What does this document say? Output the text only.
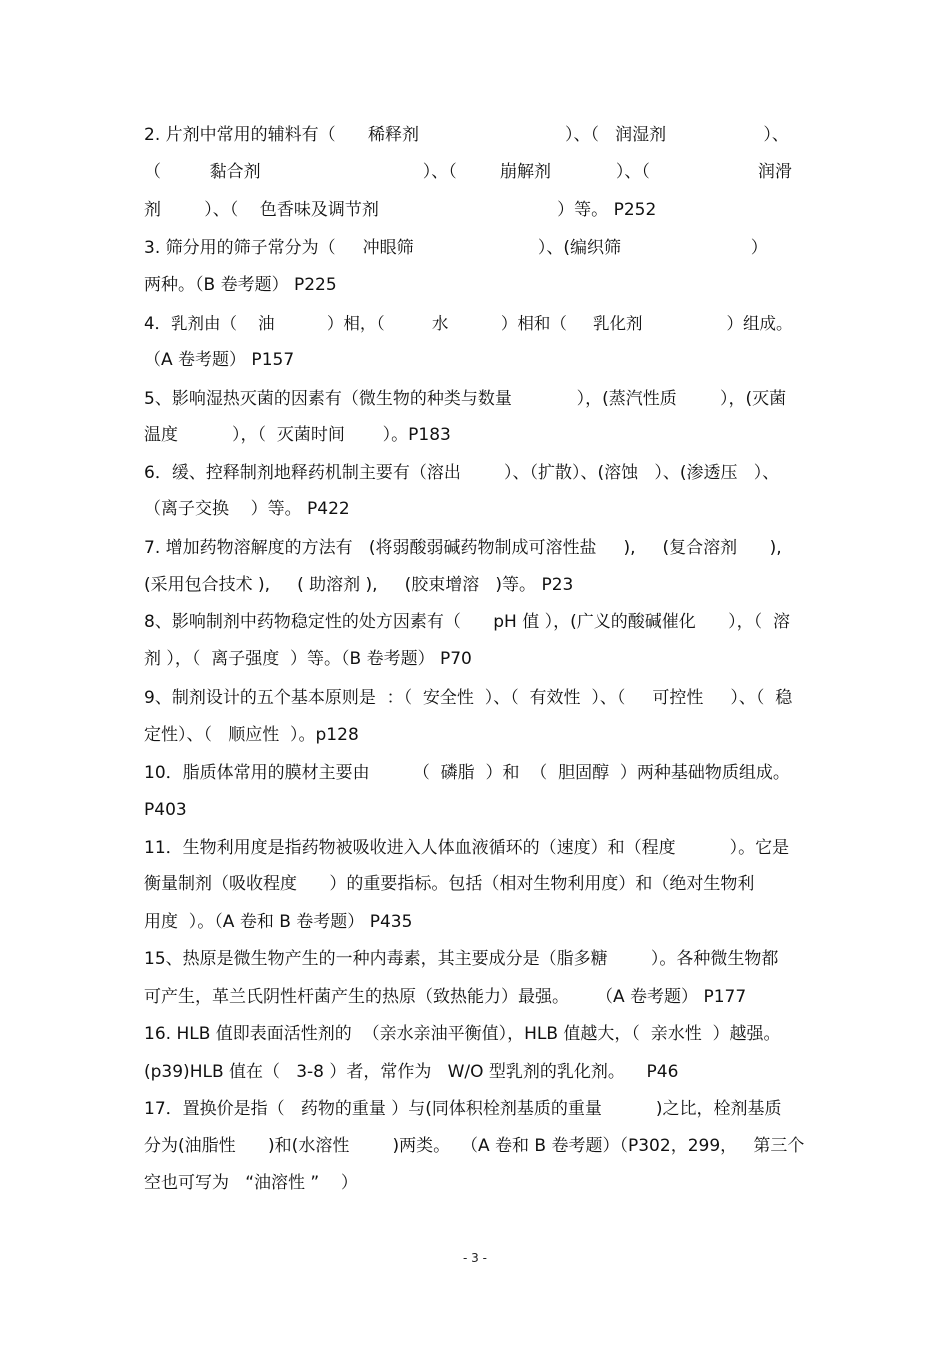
2. 片剂中常用的辅料有（      稀释剂                           ）、（   润湿剂                  ）、
（         黏合剂                              ）、（        崩解剂            ）、（                    润滑
剂        ）、（    色香味及调节剂                                 ）等。 P252
3. 筛分用的筛子常分为（     冲眼筛                       ）、(编织筛                        ）
两种。（B 卷考题） P225
4．乳剂由（    油          ）相，（         水          ）相和（     乳化剂                ）组成。
（A 卷考题） P157
5、影响湿热灭菌的因素有（微生物的种类与数量            ），(蒸汽性质        ），(灭菌
温度          ），（  灭菌时间       ）。P183
6．缓、控释制剂地释药机制主要有（溶出        ）、（扩散）、(溶蚀   ）、(渗透压   ）、
（离子交换    ）等。 P422
7. 增加药物溶解度的方法有   (将弱酸弱碱药物制成可溶性盐     ),     (复合溶剂      ),
(采用包合技术 ),     ( 助溶剂 ),     (胶束增溶   )等。 P23
8、影响制剂中药物稳定性的处方因素有（      pH 值 ），(广义的酸碱催化      ），（  溶
剂 ），（  离子强度  ）等。（B 卷考题） P70
9、制剂设计的五个基本原则是  ：（  安全性  ）、（  有效性  ）、（     可控性     ）、（  稳
定性）、（   顺应性  ）。p128
10．脂质体常用的膜材主要由        （  磷脂  ）和  （  胆固醇  ）两种基础物质组成。
P403
11．生物利用度是指药物被吸收进入人体血液循环的（速度）和（程度          ）。它是
衡量制剂（吸收程度      ）的重要指标。包括（相对生物利用度）和（绝对生物利
用度  ）。（A 卷和 B 卷考题） P435
15、热原是微生物产生的一种内毒素，其主要成分是（脂多糖        ）。各种微生物都
可产生，革兰氏阴性杆菌产生的热原（致热能力）最强。     （A 卷考题） P177
16. HLB 值即表面活性剂的  （亲水亲油平衡值），HLB 值越大，（  亲水性  ）越强。
(p39)HLB 值在（   3-8 ）者，常作为   W/O 型乳剂的乳化剂。    P46
17．置换价是指（   药物的重量 ）与(同体积栓剂基质的重量          )之比，栓剂基质
分为(油脂性      )和(水溶性        )两类。  （A 卷和 B 卷考题）（P302，299，   第三个
空也可写为   “油溶性 ”    ）
- 3 -
